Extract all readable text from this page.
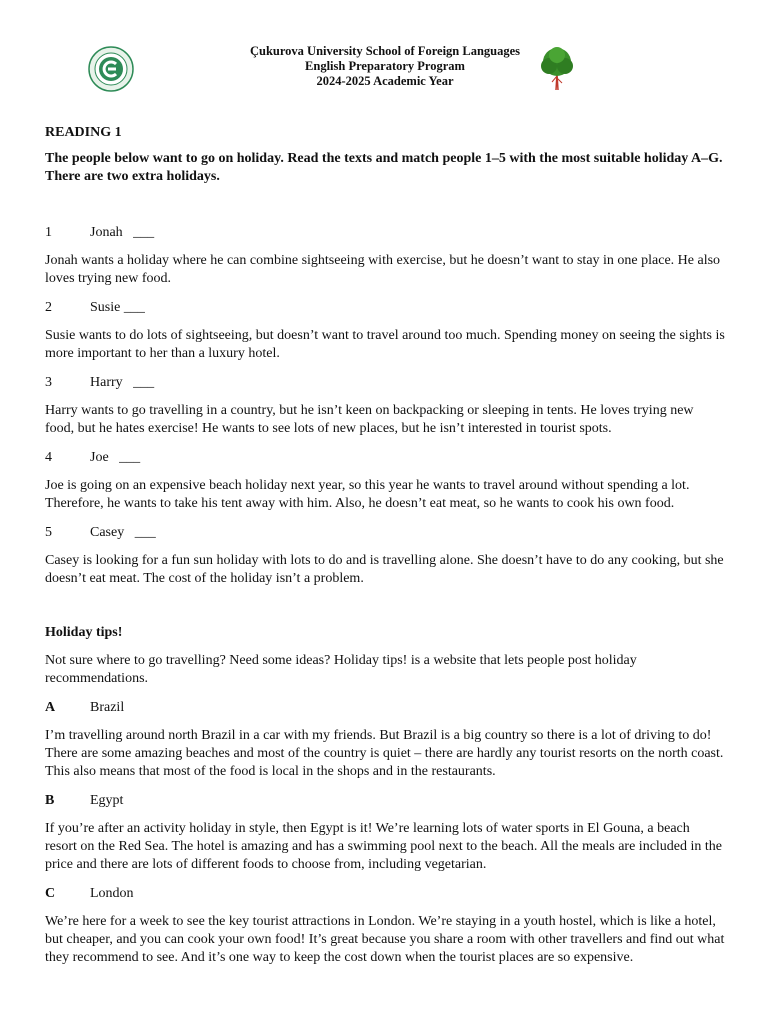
Çukurova University School of Foreign Languages
English Preparatory Program
2024-2025 Academic Year
READING 1

The people below want to go on holiday. Read the texts and match people 1–5 with the most suitable holiday A–G. There are two extra holidays.

1	Jonah
___

Jonah wants a holiday where he can combine sightseeing with exercise, but he doesn’t want to stay in one place. He also loves trying new food.

2	Susie
___

Susie wants to do lots of sightseeing, but doesn’t want to travel around too much. Spending money on seeing the sights is more important to her than a luxury hotel.

3	Harry
___

Harry wants to go travelling in a country, but he isn’t keen on backpacking or sleeping in tents. He loves trying new food, but he hates exercise! He wants to see lots of new places, but he isn’t interested in tourist spots.

4	Joe
___

Joe is going on an expensive beach holiday next year, so this year he wants to travel around without spending a lot. Therefore, he wants to take his tent away with him. Also, he doesn’t eat meat, so he wants to cook his own food.

5	Casey
___

Casey is looking for a fun sun holiday with lots to do and is travelling alone. She doesn’t have to do any cooking, but she doesn’t eat meat. The cost of the holiday isn’t a problem.

Holiday tips!

Not sure where to go travelling? Need some ideas? Holiday tips! is a website that lets people post holiday recommendations.

A	Brazil

I’m travelling around north Brazil in a car with my friends. But Brazil is a big country so there is a lot of driving to do! There are some amazing beaches and most of the country is quiet – there are hardly any tourist resorts on the north coast. This also means that most of the food is local in the shops and in the restaurants.

B	Egypt

If you’re after an activity holiday in style, then Egypt is it! We’re learning lots of water sports in El Gouna, a beach resort on the Red Sea. The hotel is amazing and has a swimming pool next to the beach. All the meals are included in the price and there are lots of different foods to choose from, including vegetarian.

C	London

We’re here for a week to see the key tourist attractions in London. We’re staying in a youth hostel, which is like a hotel, but cheaper, and you can cook your own food! It’s great because you share a room with other travellers and find out what they recommend to see. And it’s one way to keep the cost down when the tourist places are so expensive.
